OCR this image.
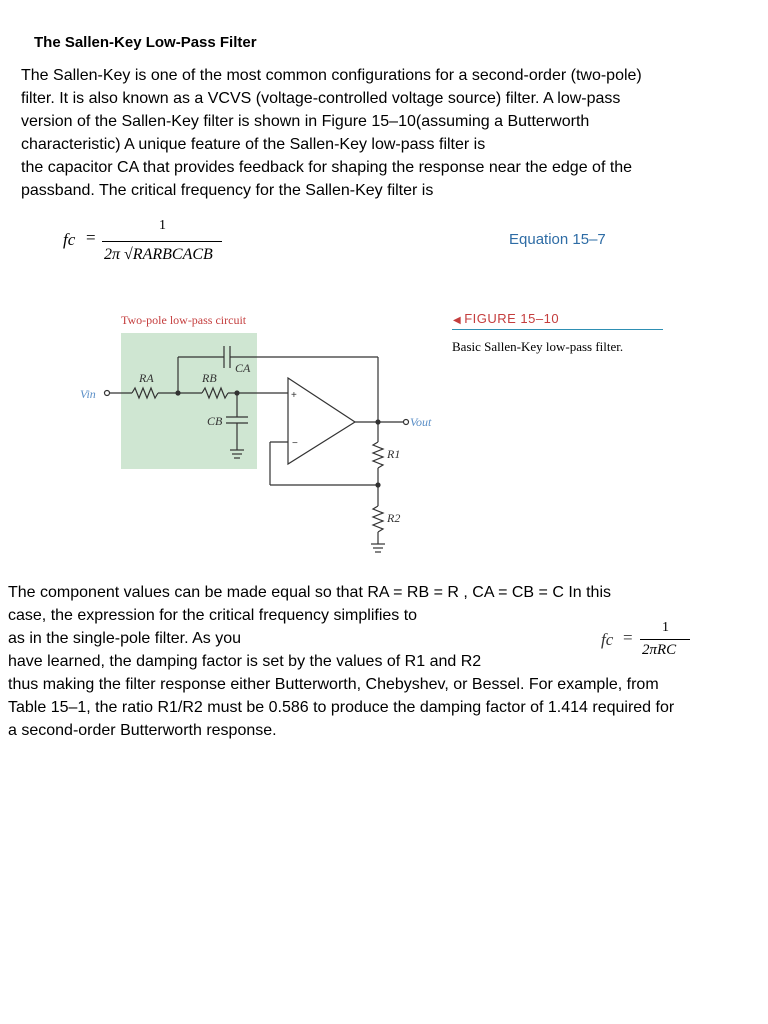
The Sallen-Key Low-Pass Filter

The Sallen-Key is one of the most common configurations for a second-order (two-pole)

filter. It is also known as a VCVS (voltage-controlled voltage source) filter. A low-pass

version of the Sallen-Key filter is shown in Figure 15–10(assuming a Butterworth

characteristic) A unique feature of the Sallen-Key low-pass filter is

the capacitor CA that provides feedback for shaping the response near the edge of the

passband. The critical frequency for the Sallen-Key filter is

fc =
1
2π √RARBCACB
Equation 15–7
Two-pole low-pass circuit	◀ FIGURE 15–10
Basic Sallen-Key low-pass filter.
Vin
RA	RB
CA
CB	Vout
R1
R2
+
−

The component values can be made equal so that RA = RB = R , CA = CB = C In this

case, the expression for the critical frequency simplifies to

as in the single-pole filter. As you

have learned, the damping factor is set by the values of R1 and R2

thus making the filter response either Butterworth, Chebyshev, or Bessel. For example, from

Table 15–1, the ratio R1/R2 must be 0.586 to produce the damping factor of 1.414 required for

a second-order Butterworth response.

fc =
1
2πRC
